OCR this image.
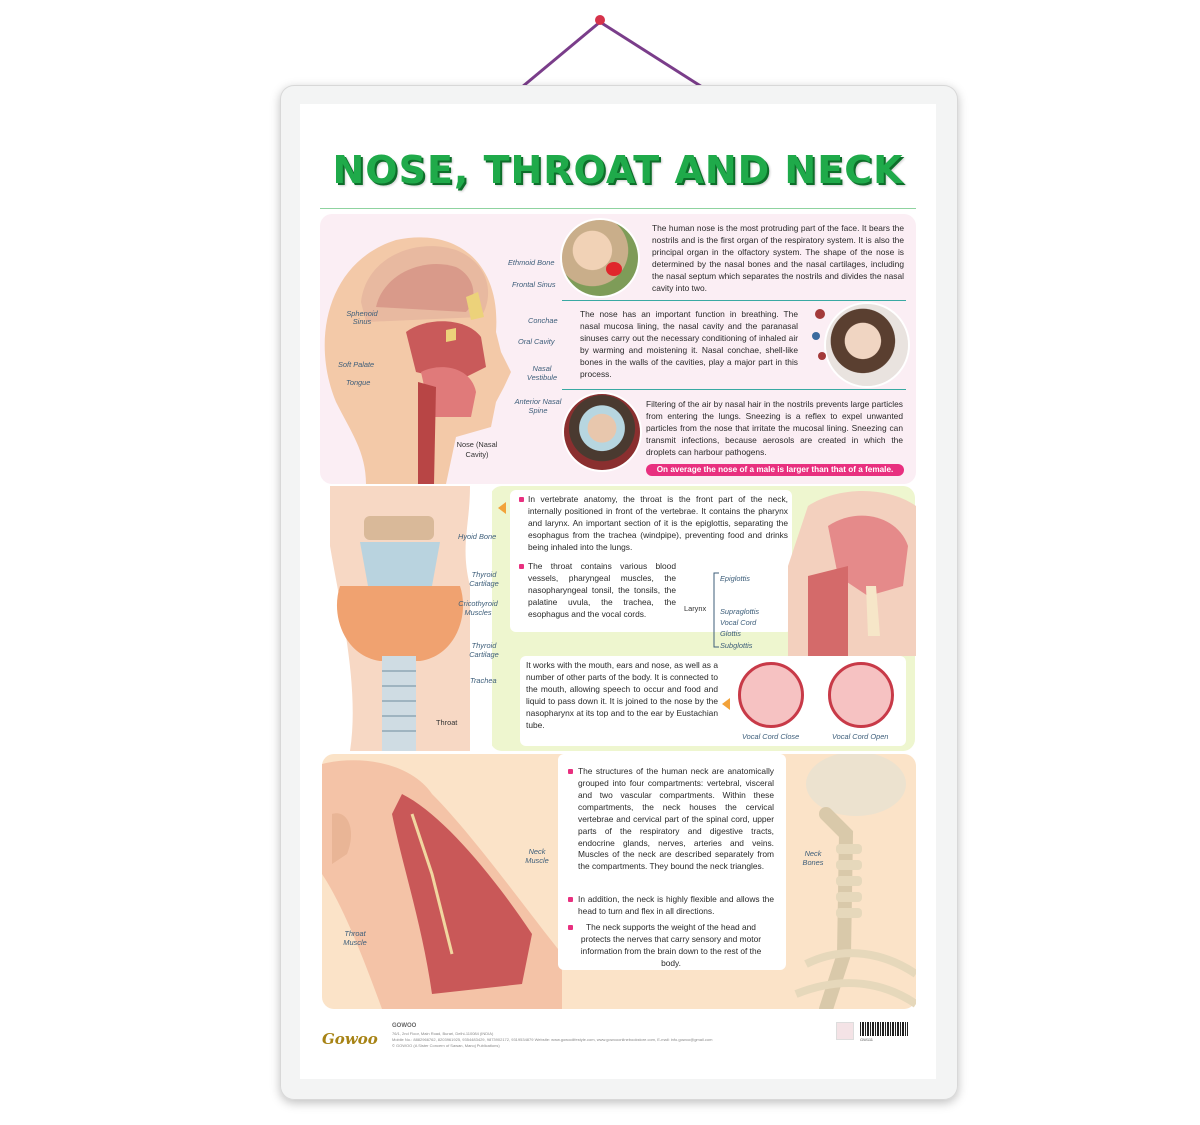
NOSE, THROAT AND NECK
Ethmoid Bone
Frontal Sinus
Sphenoid Sinus	Conchae
Oral Cavity
Soft Palate	Nasal Vestibule
Tongue
Anterior Nasal Spine
Nose (Nasal Cavity)
The human nose is the most protruding part of the face. It bears the nostrils and is the first organ of the respiratory system. It is also the principal organ in the olfactory system. The shape of the nose is determined by the nasal bones and the nasal cartilages, including the nasal septum which separates the nostrils and divides the nasal cavity into two.
The nose has an important function in breathing. The nasal mucosa lining, the nasal cavity and the paranasal sinuses carry out the necessary conditioning of inhaled air by warming and moistening it. Nasal conchae, shell-like bones in the walls of the cavities, play a major part in this process.
Filtering of the air by nasal hair in the nostrils prevents large particles from entering the lungs. Sneezing is a reflex to expel unwanted particles from the nose that irritate the mucosal lining. Sneezing can transmit infections, because aerosols are created in which the droplets can harbour pathogens.
On average the nose of a male is larger than that of a female.
Hyoid Bone
Thyroid Cartilage
Cricothyroid Muscles
Thyroid Cartilage
Trachea
Throat
In vertebrate anatomy, the throat is the front part of the neck, internally positioned in front of the vertebrae. It contains the pharynx and larynx. An important section of it is the epiglottis, separating the esophagus from the trachea (windpipe), preventing food and drinks being inhaled into the lungs.
The throat contains various blood vessels, pharyngeal muscles, the nasopharyngeal tonsil, the tonsils, the palatine uvula, the trachea, the esophagus and the vocal cords.
Epiglottis
Larynx Supraglottis
Vocal Cord
Glottis
Subglottis
It works with the mouth, ears and nose, as well as a number of other parts of the body. It is connected to the mouth, allowing speech to occur and food and liquid to pass down it. It is joined to the nose by the nasopharynx at its top and to the ear by Eustachian tube.
Vocal Cord Close	Vocal Cord Open
Neck Muscle
Throat Muscle
The structures of the human neck are anatomically grouped into four compartments: vertebral, visceral and two vascular compartments. Within these compartments, the neck houses the cervical vertebrae and cervical part of the spinal cord, upper parts of the respiratory and digestive tracts, endocrine glands, nerves, arteries and veins. Muscles of the neck are described separately from the compartments. They bound the neck triangles.
In addition, the neck is highly flexible and allows the head to turn and flex in all directions.
The neck supports the weight of the head and protects the nerves that carry sensory and motor information from the brain down to the rest of the body.
Neck Bones
Gowoo
GOWOO
76/1, 2nd Floor, Main Road, Burari, Delhi-110084 (INDIA)
Mobile No.: 8882966762, 8203961925, 9354483429, 9873902172, 9319534879 Website: www.gowoolifestyle.com, www.gowooonlinebookstore.com, E-mail: info.gowoo@gmail.com
© GOWOO (A Sister Concern of Sawan, Manoj Publications)
GW111
